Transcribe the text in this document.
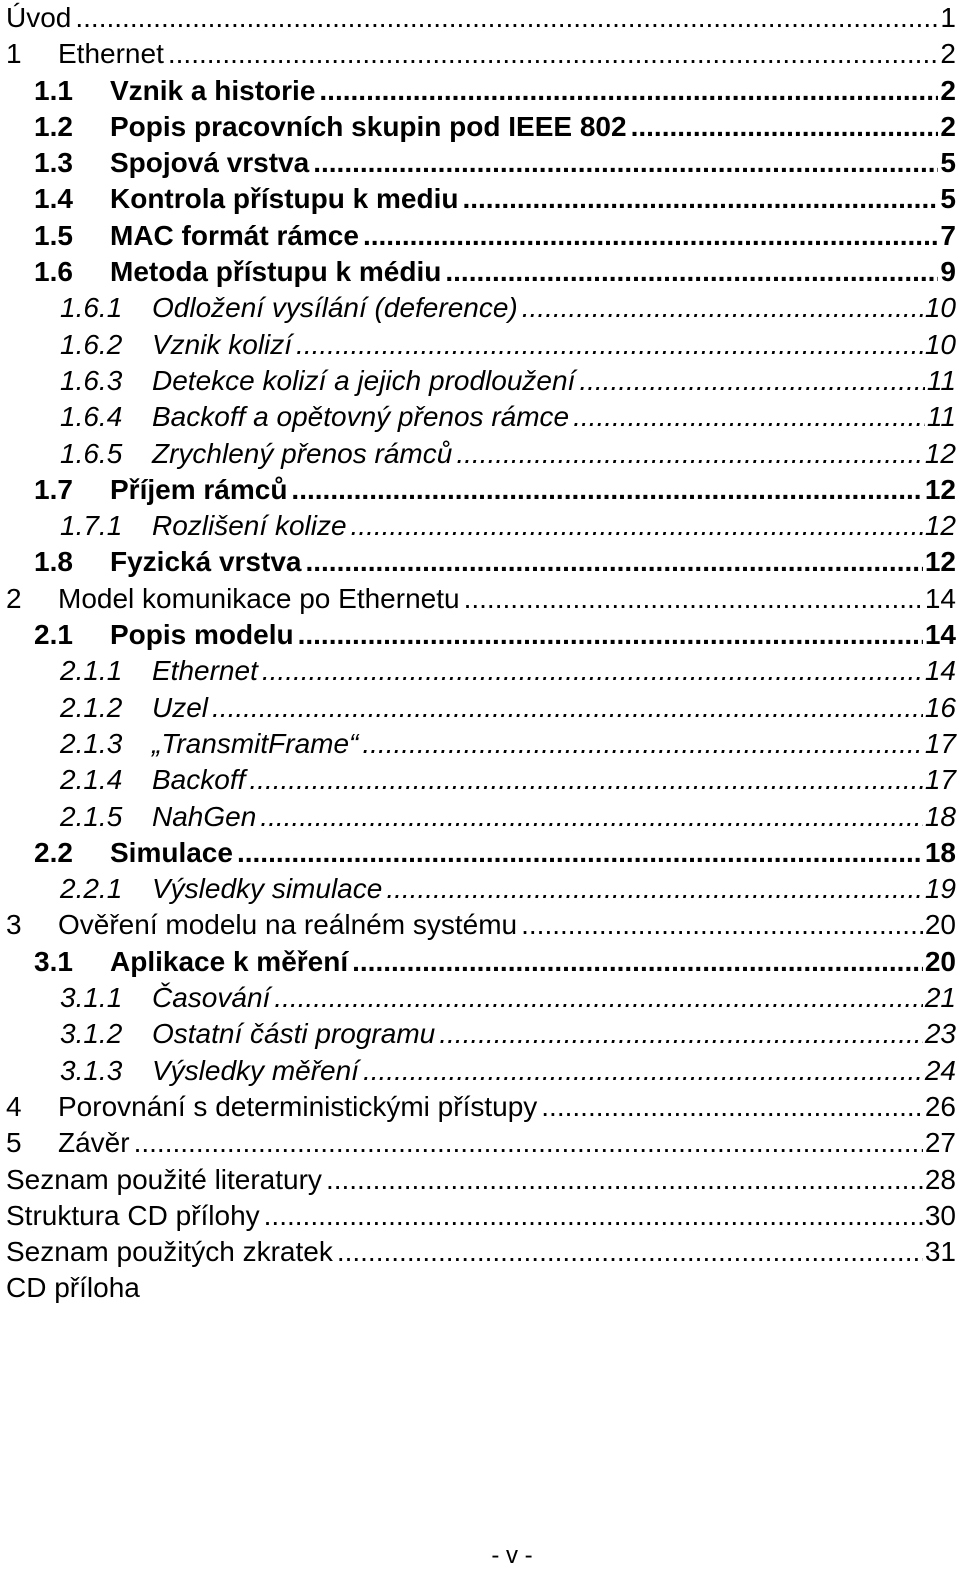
Úvod .....	1
1	Ethernet .....	2
1.1	Vznik a historie .....	2
1.2	Popis pracovních skupin pod IEEE 802 .....	2
1.3	Spojová vrstva .....	5
1.4	Kontrola přístupu k mediu .....	5
1.5	MAC formát rámce .....	7
1.6	Metoda přístupu k médiu .....	9
1.6.1	Odložení vysílání (deference) .....	10
1.6.2	Vznik kolizí .....	10
1.6.3	Detekce kolizí a jejich prodloužení .....	11
1.6.4	Backoff a opětovný přenos rámce .....	11
1.6.5	Zrychlený přenos rámců .....	12
1.7	Příjem rámců .....	12
1.7.1	Rozlišení kolize .....	12
1.8	Fyzická vrstva .....	12
2	Model komunikace po Ethernetu .....	14
2.1	Popis modelu .....	14
2.1.1	Ethernet .....	14
2.1.2	Uzel .....	16
2.1.3	„TransmitFrame“ .....	17
2.1.4	Backoff .....	17
2.1.5	NahGen .....	18
2.2	Simulace .....	18
2.2.1	Výsledky simulace .....	19
3	Ověření modelu na reálném systému .....	20
3.1	Aplikace k měření .....	20
3.1.1	Časování .....	21
3.1.2	Ostatní části programu .....	23
3.1.3	Výsledky měření .....	24
4	Porovnání s deterministickými přístupy .....	26
5	Závěr .....	27
Seznam použité literatury .....	28
Struktura CD přílohy .....	30
Seznam použitých zkratek .....	31
CD příloha
- v -
